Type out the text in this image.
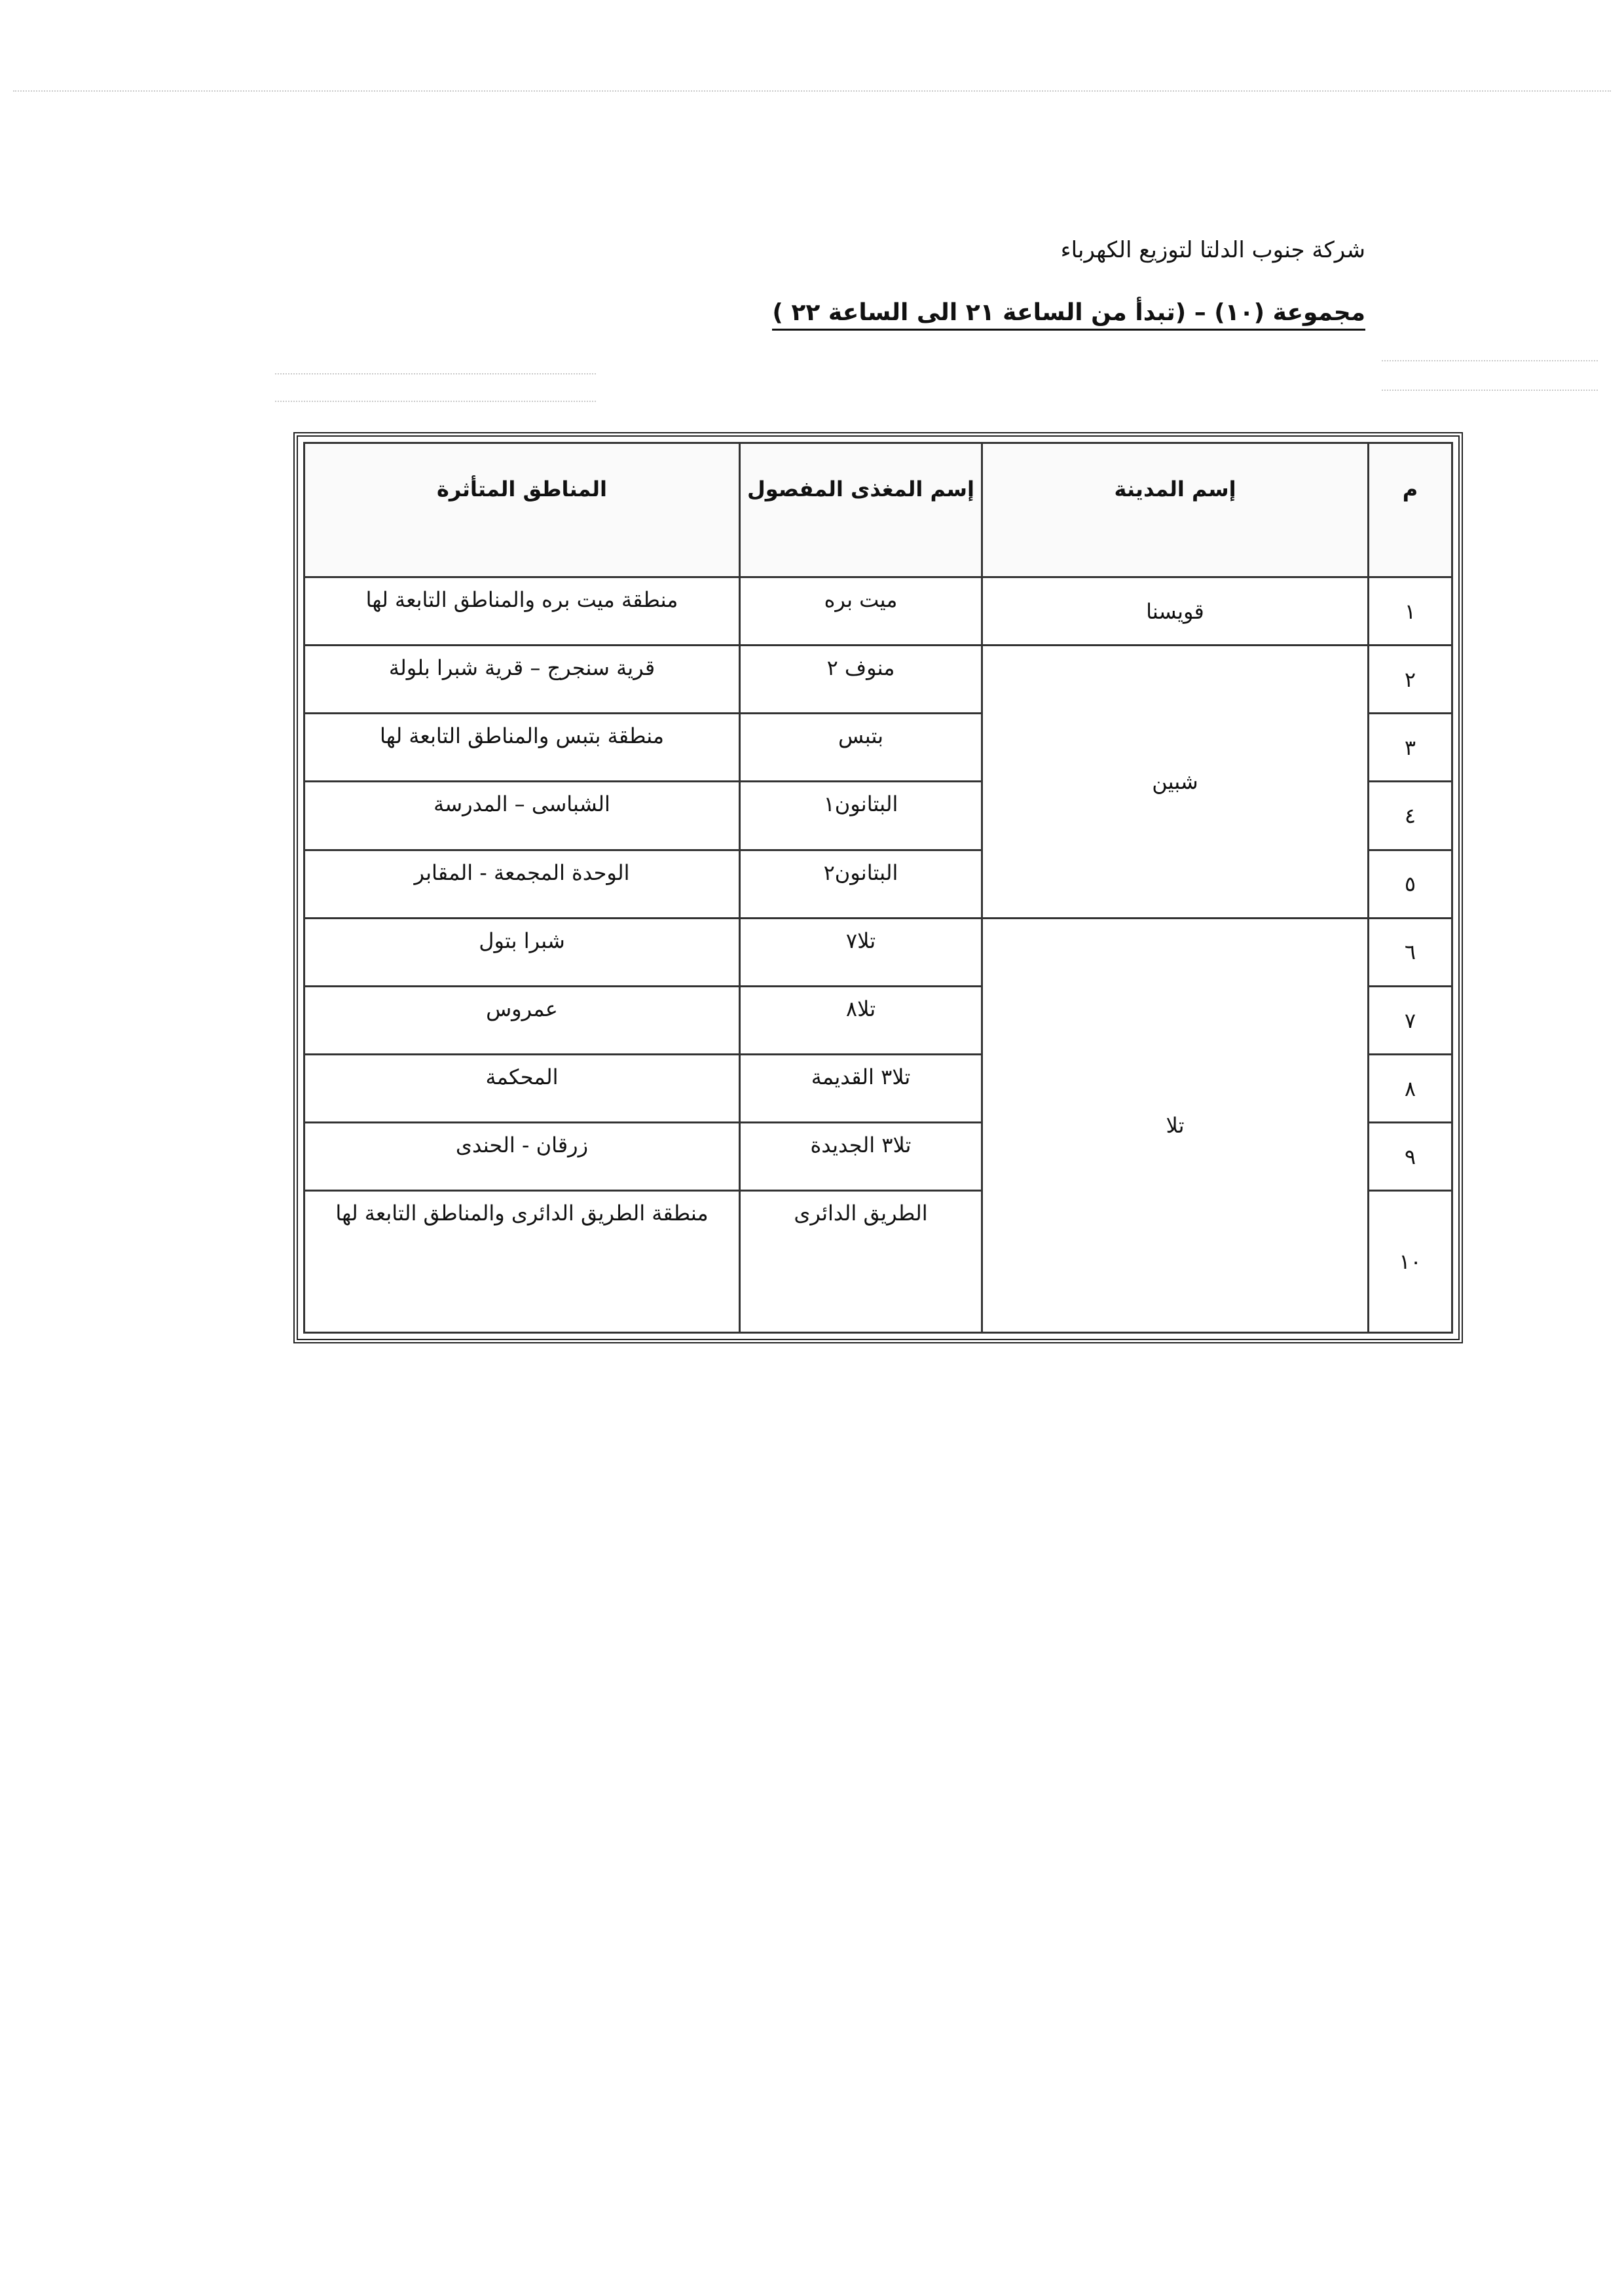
شركة جنوب الدلتا لتوزيع الكهرباء
مجموعة (١٠) – (تبدأ من الساعة ٢١ الى الساعة ٢٢ )
م	إسم المدينة	إسم المغذى المفصول	المناطق المتأثرة
١	قويسنا	ميت بره	منطقة ميت بره والمناطق التابعة لها
٢	شبين	منوف ٢	قرية سنجرج – قرية شبرا بلولة
٣		بتبس	منطقة بتبس والمناطق التابعة لها
٤		البتانون١	الشباسى – المدرسة
٥		البتانون٢	الوحدة المجمعة - المقابر
٦	تلا	تلا٧	شبرا بتول
٧		تلا٨	عمروس
٨		تلا٣ القديمة	المحكمة
٩		تلا٣ الجديدة	زرقان - الحندى
١٠		الطريق الدائرى	منطقة الطريق الدائرى والمناطق التابعة لها
